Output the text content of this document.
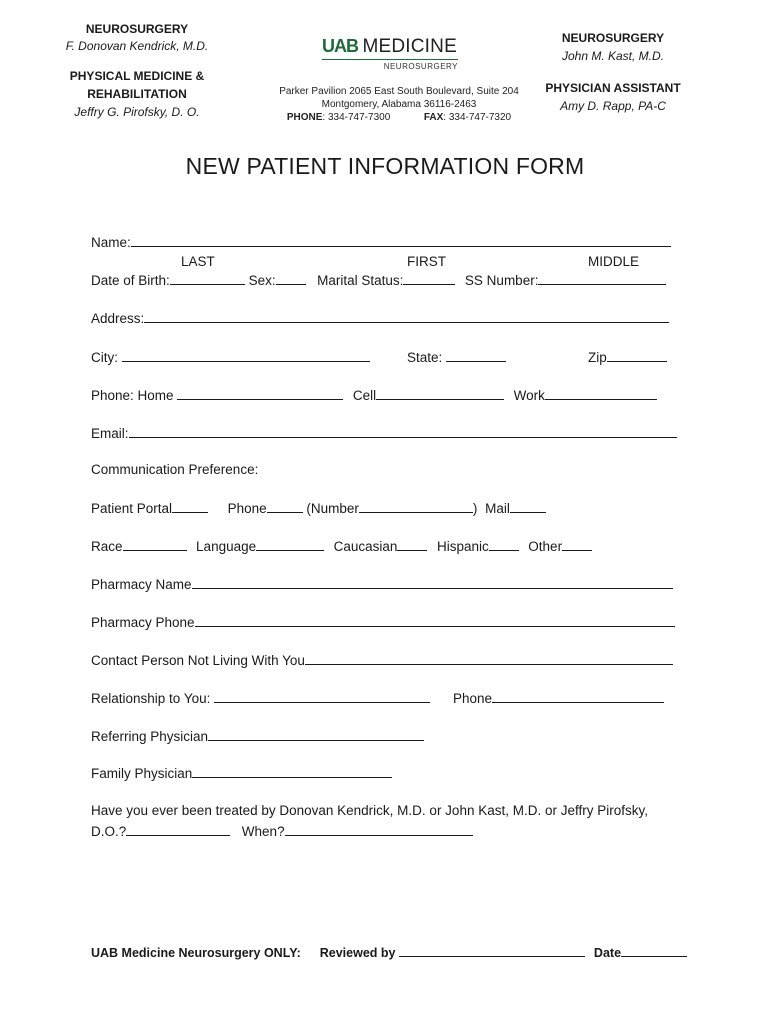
NEUROSURGERY
F. Donovan Kendrick, M.D.
PHYSICAL MEDICINE &
REHABILITATION
Jeffry G. Pirofsky, D. O.
UAB MEDICINE
NEUROSURGERY
Parker Pavilion 2065 East South Boulevard, Suite 204
Montgomery, Alabama 36116-2463
PHONE: 334-747-7300	FAX: 334-747-7320
NEUROSURGERY
John M. Kast, M.D.
PHYSICIAN ASSISTANT
Amy D. Rapp, PA-C
NEW PATIENT INFORMATION FORM
Name:
LAST	FIRST	MIDDLE
Date of Birth:	Sex:	Marital Status:	SS Number:
Address:
City:	State:	Zip
Phone: Home	Cell	Work
Email:
Communication Preference:
Patient Portal	Phone	(Number	) Mail
Race	Language	Caucasian	Hispanic	Other
Pharmacy Name
Pharmacy Phone
Contact Person Not Living With You
Relationship to You:	Phone
Referring Physician
Family Physician
Have you ever been treated by Donovan Kendrick, M.D. or John Kast, M.D. or Jeffry Pirofsky,
D.O.?	When?
UAB Medicine Neurosurgery ONLY: Reviewed by	Date
